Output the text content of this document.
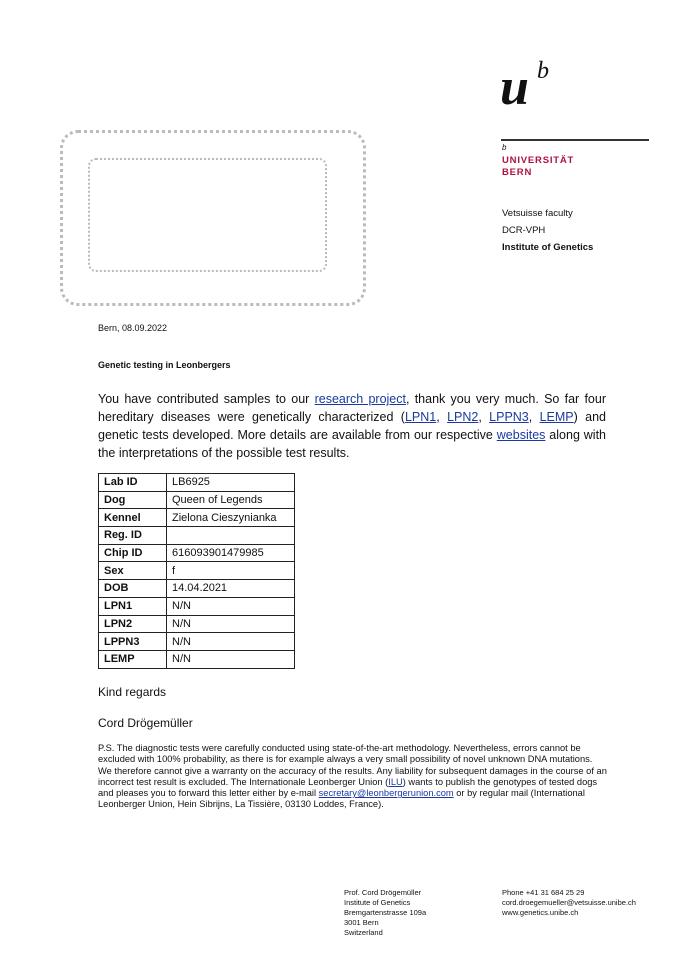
u b
b
UNIVERSITÄT
BERN
Vetsuisse faculty
DCR-VPH
Institute of Genetics
Bern, 08.09.2022
Genetic testing in Leonbergers
You have contributed samples to our research project, thank you very much. So far four hereditary diseases were genetically characterized (LPN1, LPN2, LPPN3, LEMP) and genetic tests developed. More details are available from our respective websites along with the interpretations of the possible test results.
Lab ID	LB6925
Dog	Queen of Legends
Kennel	Zielona Cieszynianka
Reg. ID	
Chip ID	616093901479985
Sex	f
DOB	14.04.2021
LPN1	N/N
LPN2	N/N
LPPN3	N/N
LEMP	N/N
Kind regards
Cord Drögemüller
P.S. The diagnostic tests were carefully conducted using state-of-the-art methodology. Nevertheless, errors cannot be excluded with 100% probability, as there is for example always a very small possibility of novel unknown DNA mutations. We therefore cannot give a warranty on the accuracy of the results. Any liability for subsequent damages in the course of an incorrect test result is excluded. The Internationale Leonberger Union (ILU) wants to publish the genotypes of tested dogs and pleases you to forward this letter either by e-mail secretary@leonbergerunion.com or by regular mail (International Leonberger Union, Hein Sibrijns, La Tissière, 03130 Loddes, France).
Prof. Cord Drögemüller
Institute of Genetics
Bremgartenstrasse 109a
3001 Bern
Switzerland
Phone +41 31 684 25 29
cord.droegemueller@vetsuisse.unibe.ch
www.genetics.unibe.ch
